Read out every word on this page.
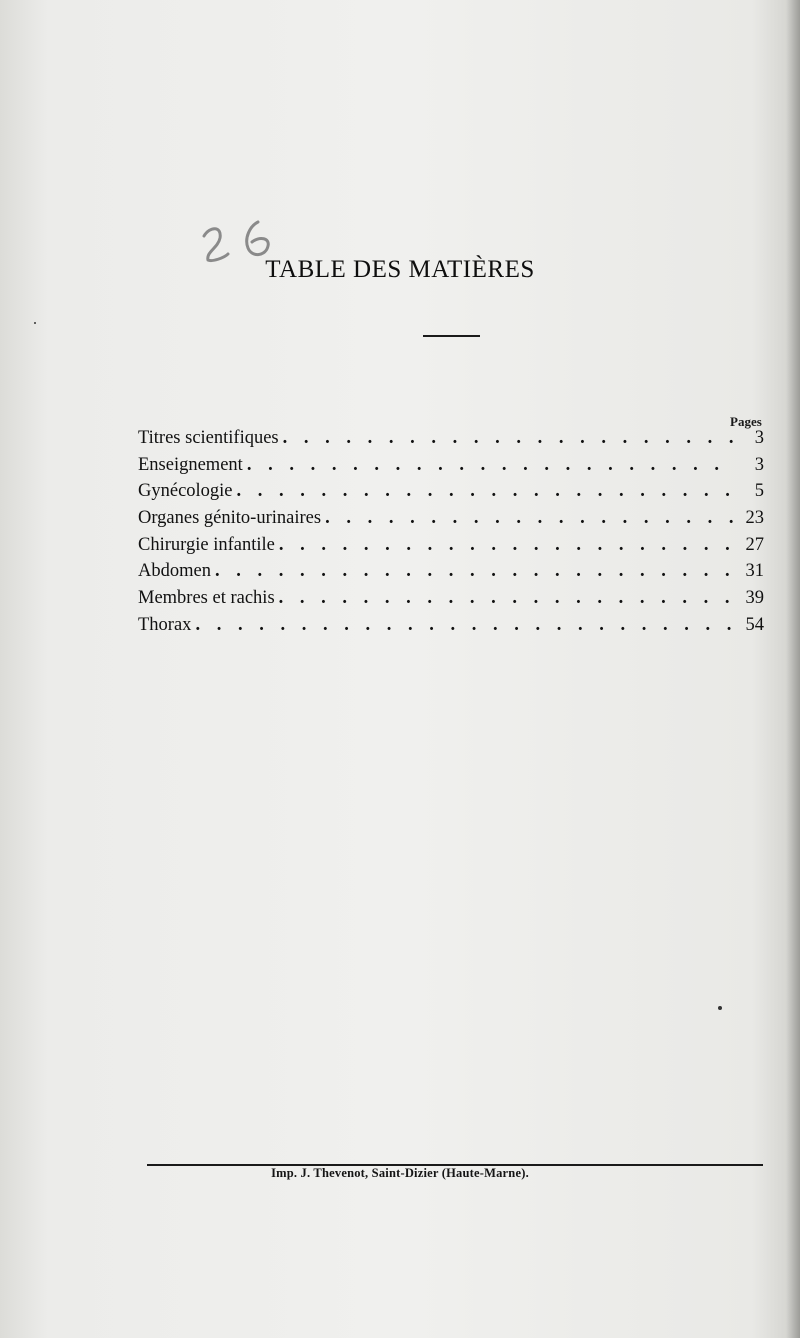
TABLE DES MATIÈRES
Pages
Titres scientifiques . . .	3
Enseignement . . .	3
Gynécologie . . .	5
Organes génito-urinaires . . .	23
Chirurgie infantile . . .	27
Abdomen . . .	31
Membres et rachis . . .	39
Thorax . . .	54
Imp. J. Thevenot, Saint-Dizier (Haute-Marne).
